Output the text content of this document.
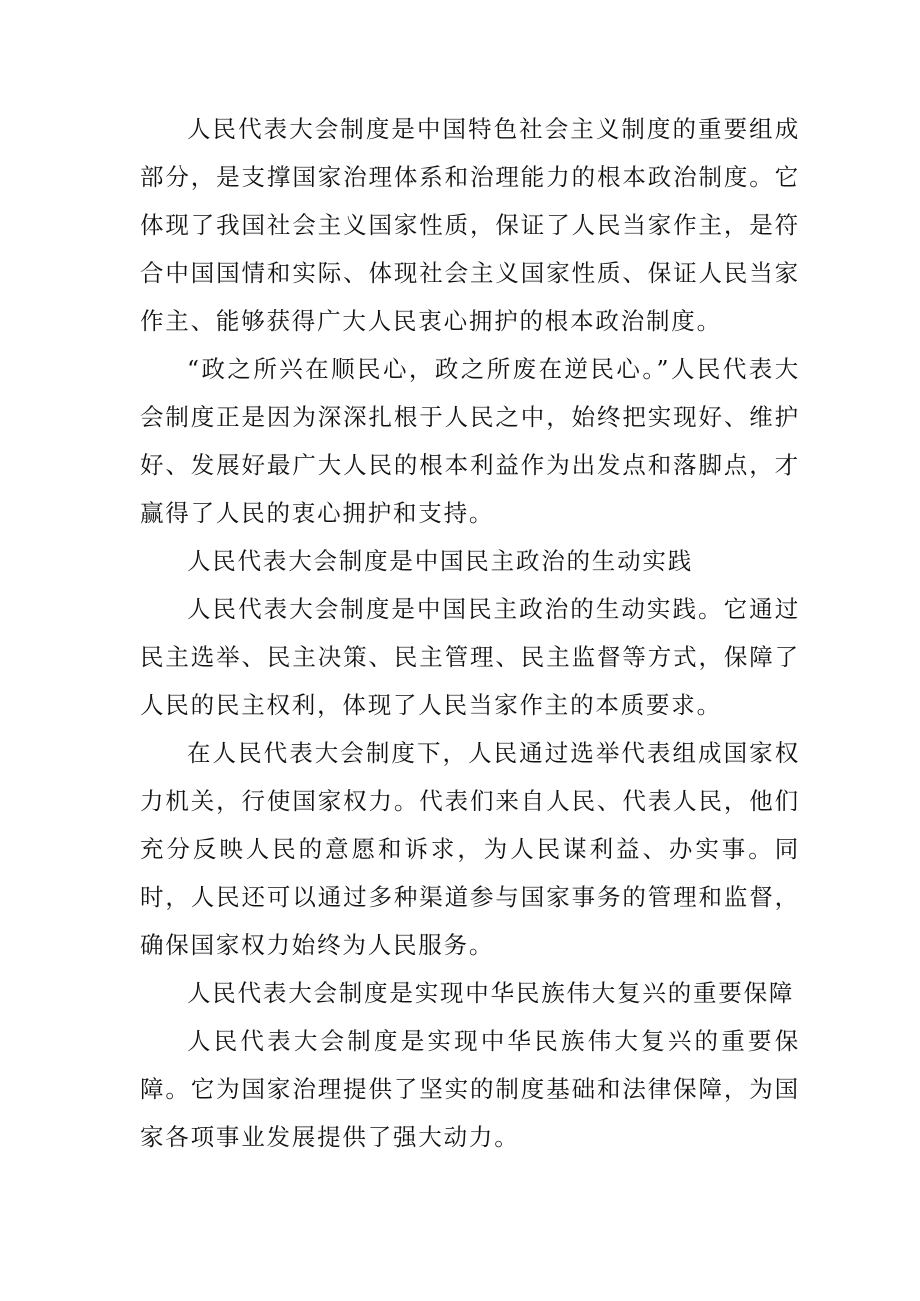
人民代表大会制度是中国特色社会主义制度的重要组成部分，是支撑国家治理体系和治理能力的根本政治制度。它体现了我国社会主义国家性质，保证了人民当家作主，是符合中国国情和实际、体现社会主义国家性质、保证人民当家作主、能够获得广大人民衷心拥护的根本政治制度。

“政之所兴在顺民心，政之所废在逆民心。”人民代表大会制度正是因为深深扎根于人民之中，始终把实现好、维护好、发展好最广大人民的根本利益作为出发点和落脚点，才赢得了人民的衷心拥护和支持。

人民代表大会制度是中国民主政治的生动实践

人民代表大会制度是中国民主政治的生动实践。它通过民主选举、民主决策、民主管理、民主监督等方式，保障了人民的民主权利，体现了人民当家作主的本质要求。

在人民代表大会制度下，人民通过选举代表组成国家权力机关，行使国家权力。代表们来自人民、代表人民，他们充分反映人民的意愿和诉求，为人民谋利益、办实事。同时，人民还可以通过多种渠道参与国家事务的管理和监督，确保国家权力始终为人民服务。

人民代表大会制度是实现中华民族伟大复兴的重要保障

人民代表大会制度是实现中华民族伟大复兴的重要保障。它为国家治理提供了坚实的制度基础和法律保障，为国家各项事业发展提供了强大动力。
